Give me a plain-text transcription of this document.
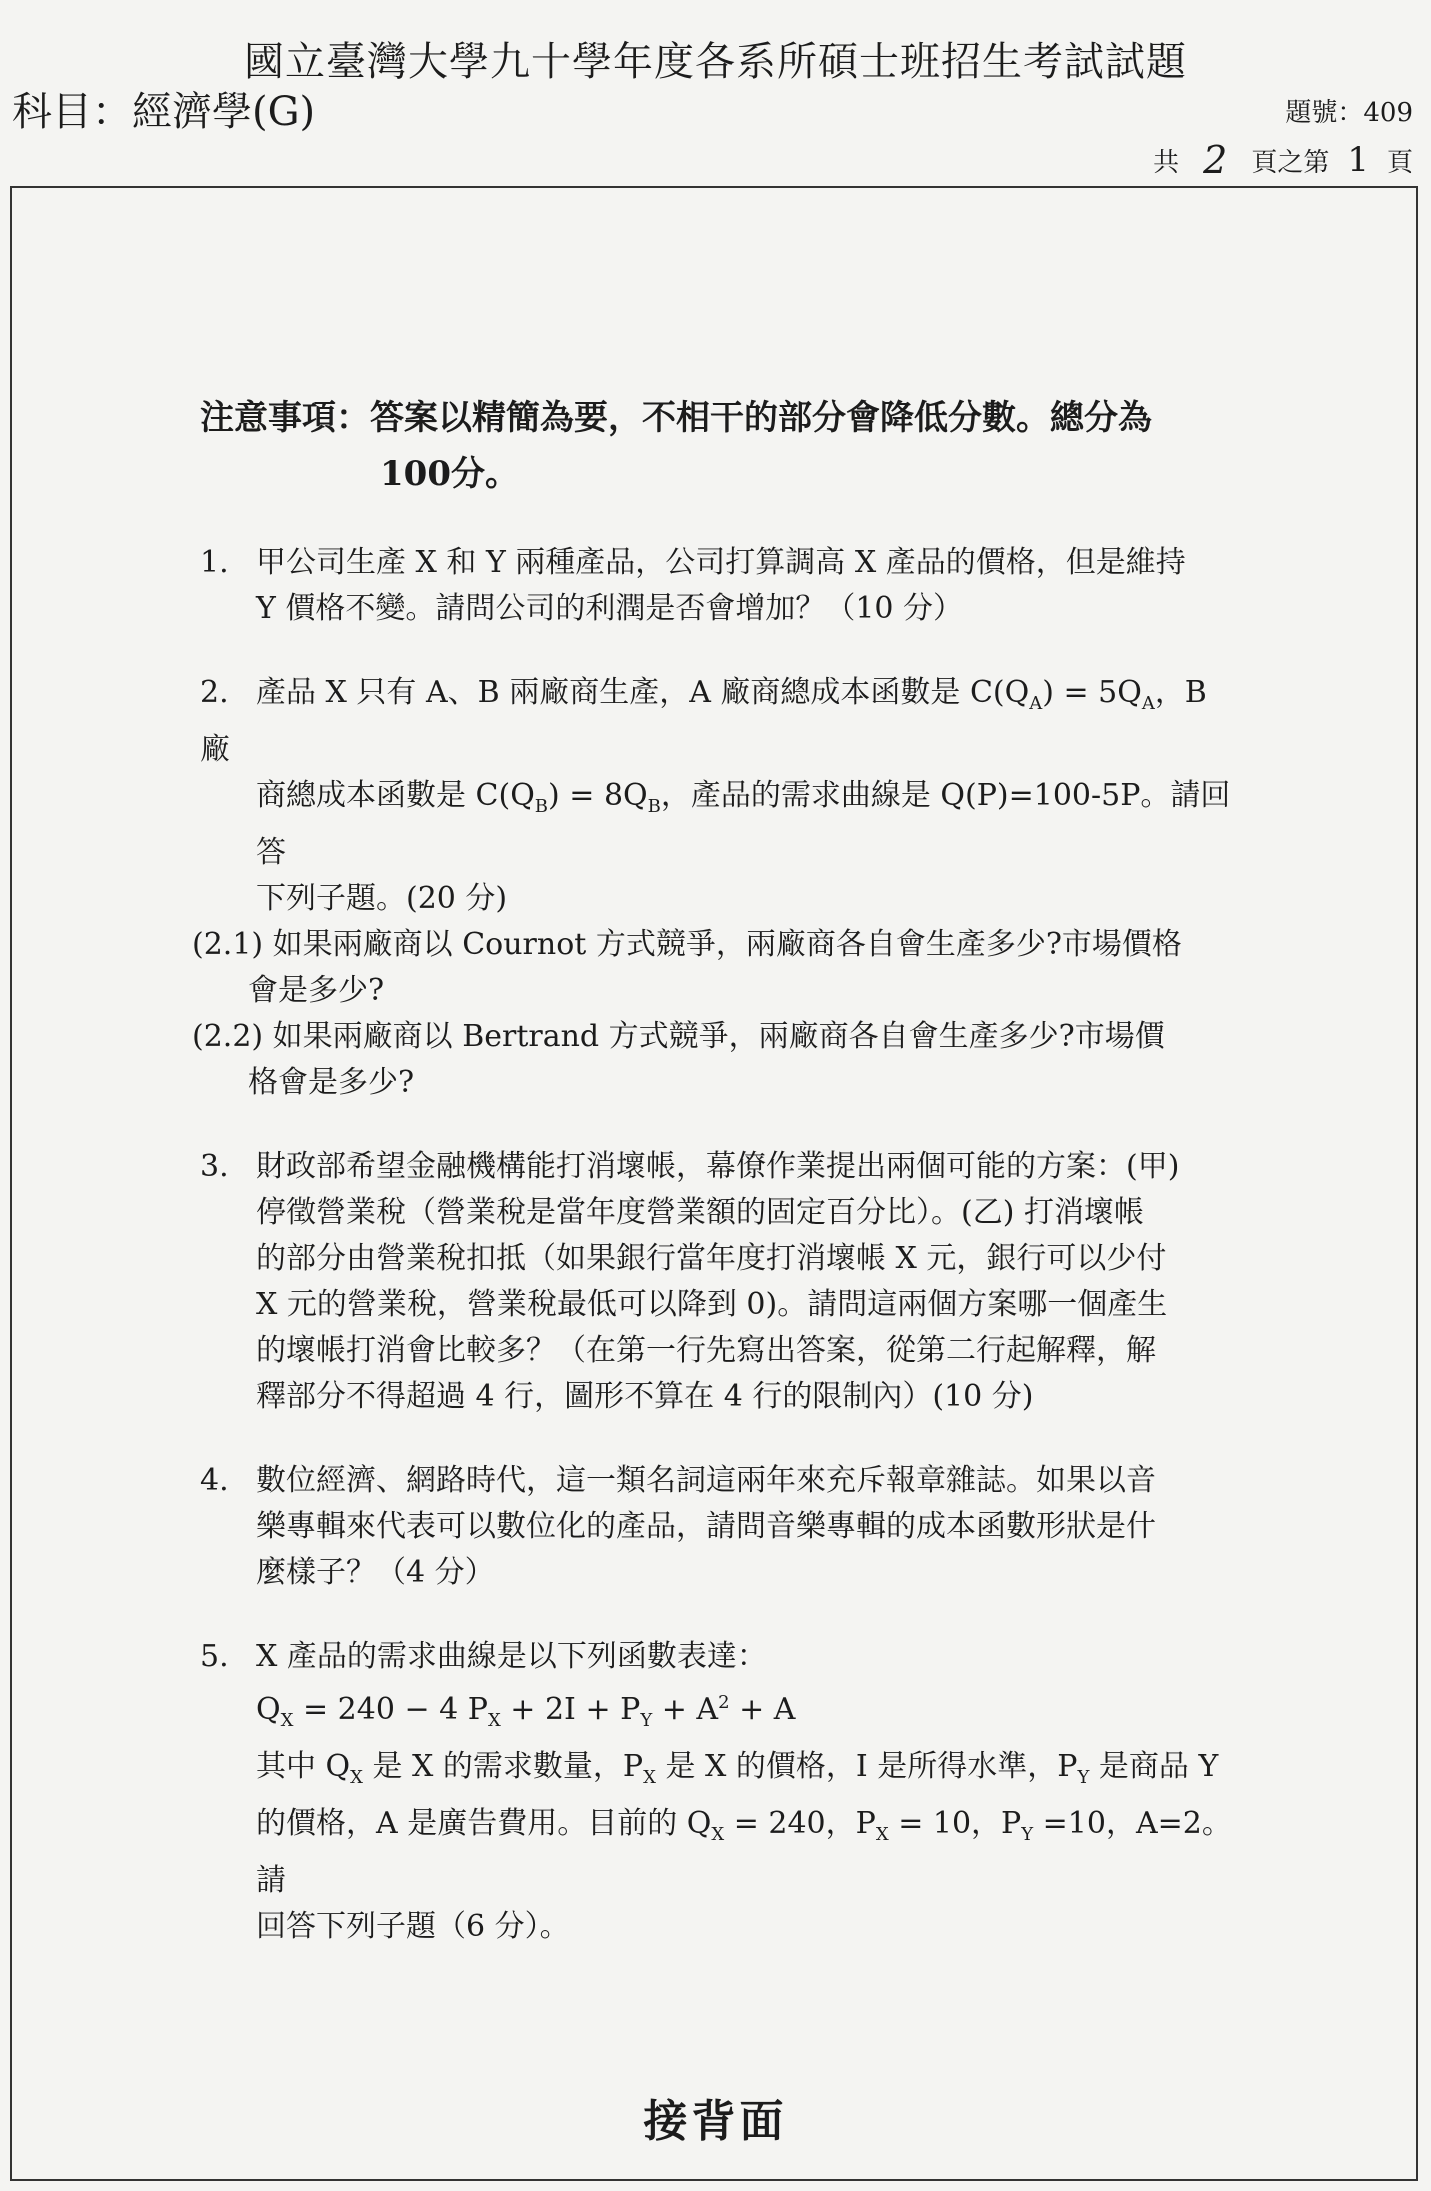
國立臺灣大學九十學年度各系所碩士班招生考試試題
科目：經濟學(G)	題號：409
共 2 頁之第 1 頁
注意事項：答案以精簡為要，不相干的部分會降低分數。總分為
100分。
1. 甲公司生產 X 和 Y 兩種產品，公司打算調高 X 產品的價格，但是維持
Y 價格不變。請問公司的利潤是否會增加？（10 分）
2. 產品 X 只有 A、B 兩廠商生產，A 廠商總成本函數是 $C(Q_A) = 5Q_A$，B 廠
商總成本函數是 $C(Q_B) = 8Q_B$，產品的需求曲線是 Q(P)=100-5P。請回答
下列子題。(20 分)
(2.1) 如果兩廠商以 Cournot 方式競爭，兩廠商各自會生產多少?市場價格
會是多少?
(2.2) 如果兩廠商以 Bertrand 方式競爭，兩廠商各自會生產多少?市場價
格會是多少?
3. 財政部希望金融機構能打消壞帳，幕僚作業提出兩個可能的方案：(甲)
停徵營業稅（營業稅是當年度營業額的固定百分比）。(乙) 打消壞帳
的部分由營業稅扣抵（如果銀行當年度打消壞帳 X 元，銀行可以少付
X 元的營業稅，營業稅最低可以降到 0)。請問這兩個方案哪一個產生
的壞帳打消會比較多？（在第一行先寫出答案，從第二行起解釋，解
釋部分不得超過 4 行，圖形不算在 4 行的限制內）(10 分)
4. 數位經濟、網路時代，這一類名詞這兩年來充斥報章雜誌。如果以音
樂專輯來代表可以數位化的產品，請問音樂專輯的成本函數形狀是什
麼樣子？（4 分）
5. X 產品的需求曲線是以下列函數表達：
$Q_X = 240 - 4$ $P_X + 2I + P_Y + A^2 + A$
其中 $Q_X$ 是 X 的需求數量，$P_X$ 是 X 的價格，I 是所得水準，$P_Y$ 是商品 Y
的價格，A 是廣告費用。目前的 $Q_X = 240$，$P_X = 10$，$P_Y =10$，A=2。請
回答下列子題（6 分）。
接背面
